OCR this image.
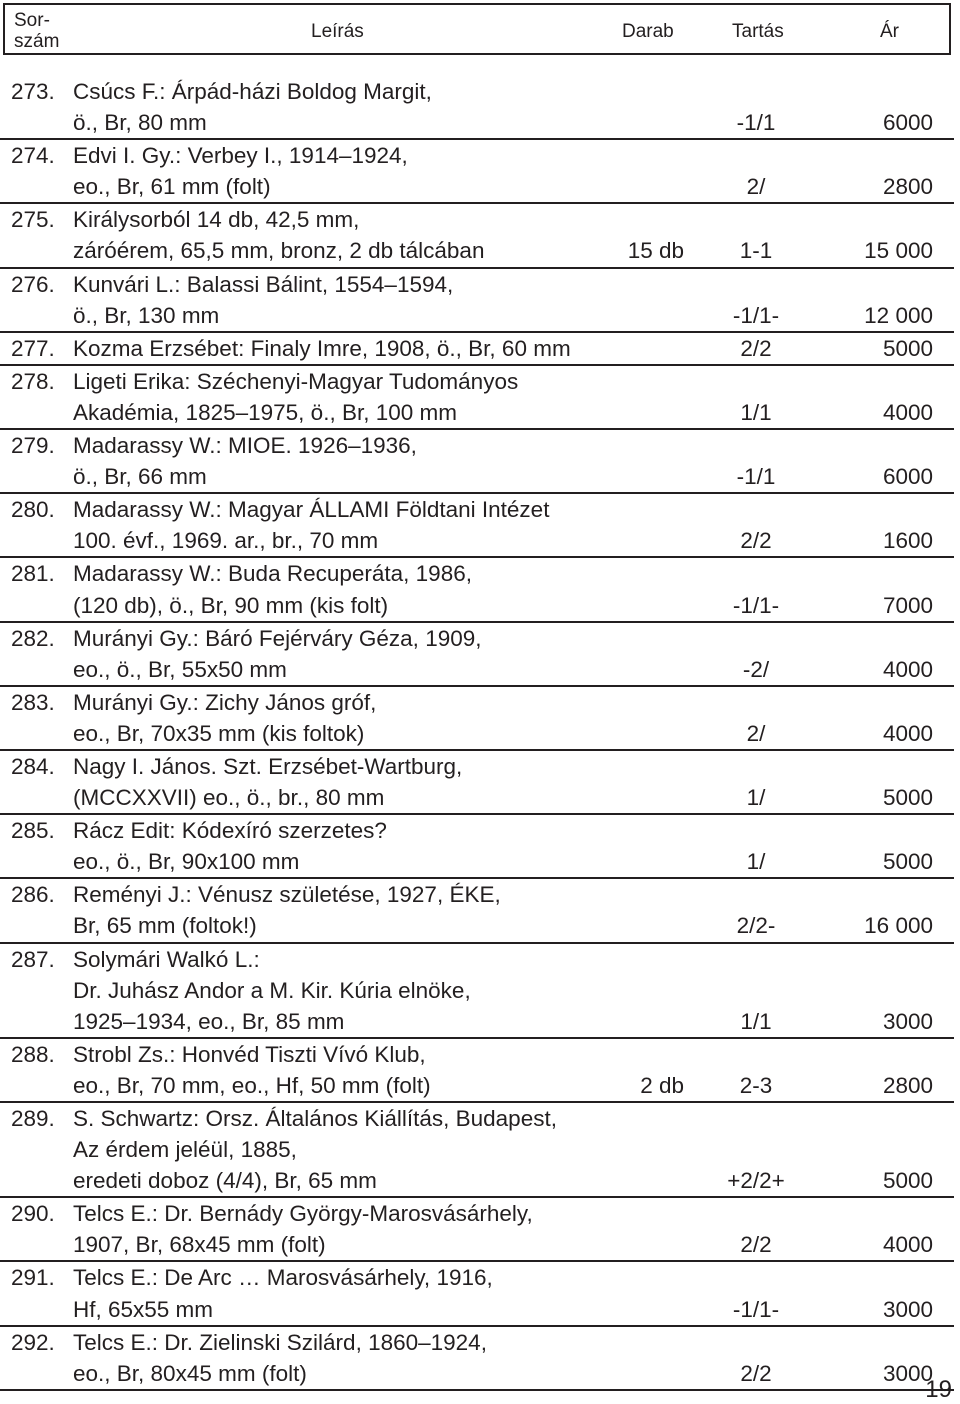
Sor-
szám	Leírás	Darab	Tartás	Ár
273. Csúcs F.: Árpád-házi Boldog Margit,
ö., Br, 80 mm	-1/1	6000
274. Edvi I. Gy.: Verbey I., 1914–1924,
eo., Br, 61 mm (folt)	2/	2800
275. Királysorból 14 db, 42,5 mm,
záróérem, 65,5 mm, bronz, 2 db tálcában	15 db 1-1	15 000
276. Kunvári L.: Balassi Bálint, 1554–1594,
ö., Br, 130 mm	-1/1-	12 000
277. Kozma Erzsébet: Finaly Imre, 1908, ö., Br, 60 mm	2/2	5000
278. Ligeti Erika: Széchenyi-Magyar Tudományos
Akadémia, 1825–1975, ö., Br, 100 mm	1/1	4000
279. Madarassy W.: MIOE. 1926–1936,
ö., Br, 66 mm	-1/1	6000
280. Madarassy W.: Magyar ÁLLAMI Földtani Intézet
100. évf., 1969. ar., br., 70 mm	2/2	1600
281. Madarassy W.: Buda Recuperáta, 1986,
(120 db), ö., Br, 90 mm (kis folt)	-1/1-	7000
282. Murányi Gy.: Báró Fejérváry Géza, 1909,
eo., ö., Br, 55x50 mm	-2/	4000
283. Murányi Gy.: Zichy János gróf,
eo., Br, 70x35 mm (kis foltok)	2/	4000
284. Nagy I. János. Szt. Erzsébet-Wartburg,
(MCCXXVII) eo., ö., br., 80 mm	1/	5000
285. Rácz Edit: Kódexíró szerzetes?
eo., ö., Br, 90x100 mm	1/	5000
286. Reményi J.: Vénusz születése, 1927, ÉKE,
Br, 65 mm (foltok!)	2/2-	16 000
287. Solymári Walkó L.:
Dr. Juhász Andor a M. Kir. Kúria elnöke,
1925–1934, eo., Br, 85 mm	1/1	3000
288. Strobl Zs.: Honvéd Tiszti Vívó Klub,
eo., Br, 70 mm, eo., Hf, 50 mm (folt)	2 db 2-3	2800
289. S. Schwartz: Orsz. Általános Kiállítás, Budapest,
Az érdem jeléül, 1885,
eredeti doboz (4/4), Br, 65 mm	+2/2+	5000
290. Telcs E.: Dr. Bernády György-Marosvásárhely,
1907, Br, 68x45 mm (folt)	2/2	4000
291. Telcs E.: De Arc … Marosvásárhely, 1916,
Hf, 65x55 mm	-1/1-	3000
292. Telcs E.: Dr. Zielinski Szilárd, 1860–1924,
eo., Br, 80x45 mm (folt)	2/2	3000
19
